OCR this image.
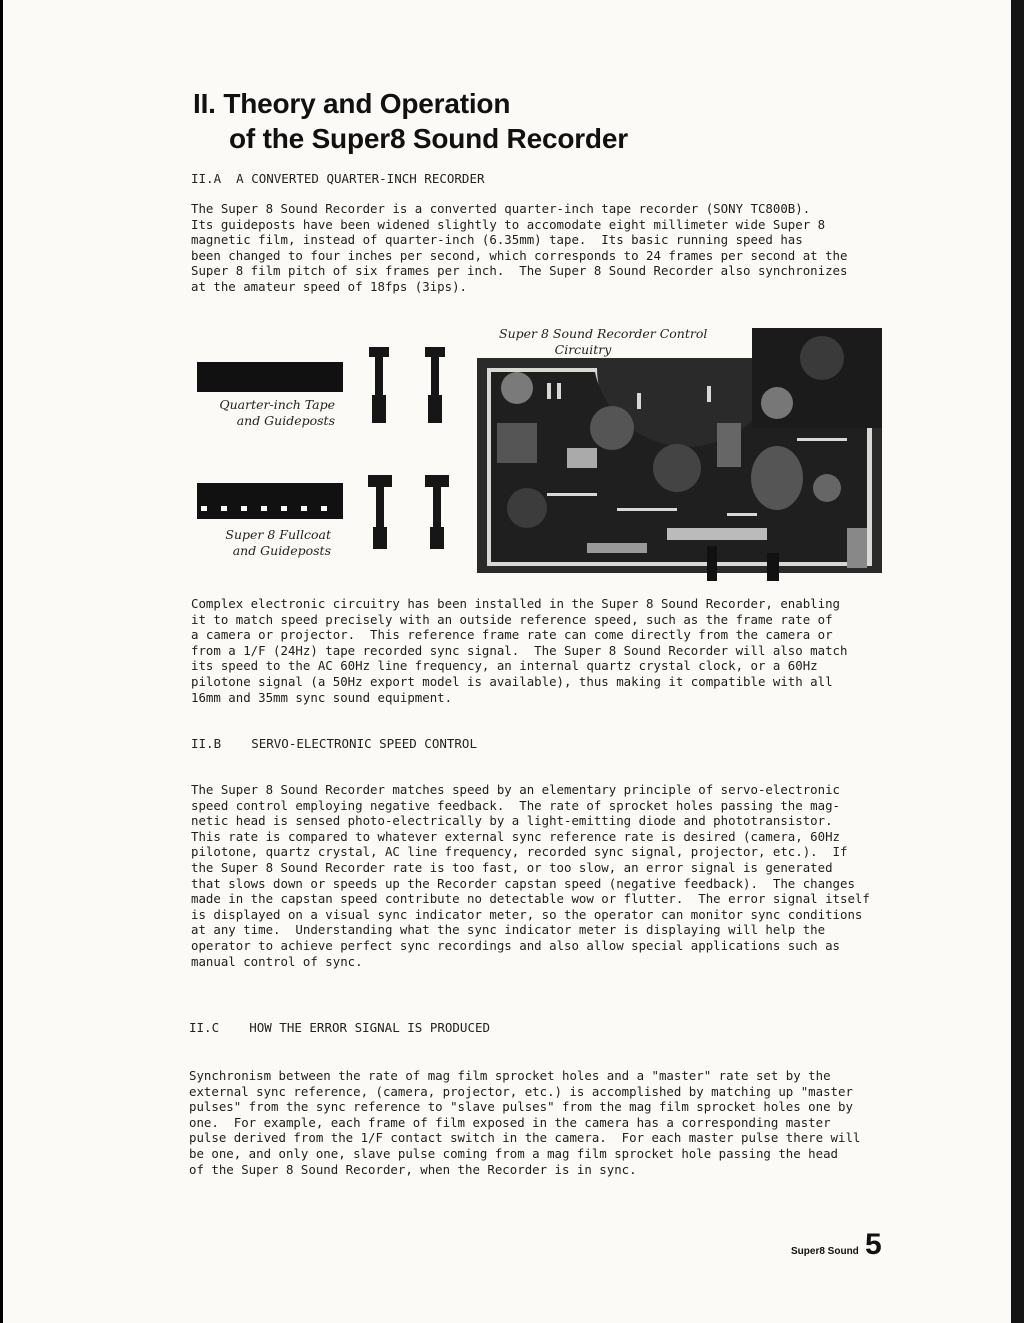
II. Theory and Operation
of the Super8 Sound Recorder
II.A  A CONVERTED QUARTER-INCH RECORDER
The Super 8 Sound Recorder is a converted quarter-inch tape recorder (SONY TC800B).
Its guideposts have been widened slightly to accomodate eight millimeter wide Super 8
magnetic film, instead of quarter-inch (6.35mm) tape.  Its basic running speed has
been changed to four inches per second, which corresponds to 24 frames per second at the
Super 8 film pitch of six frames per inch.  The Super 8 Sound Recorder also synchronizes
at the amateur speed of 18fps (3ips).
Quarter-inch Tape
and Guideposts
Super 8 Fullcoat
and Guideposts
Super 8 Sound Recorder Control
Circuitry
Complex electronic circuitry has been installed in the Super 8 Sound Recorder, enabling
it to match speed precisely with an outside reference speed, such as the frame rate of
a camera or projector.  This reference frame rate can come directly from the camera or
from a 1/F (24Hz) tape recorded sync signal.  The Super 8 Sound Recorder will also match
its speed to the AC 60Hz line frequency, an internal quartz crystal clock, or a 60Hz
pilotone signal (a 50Hz export model is available), thus making it compatible with all
16mm and 35mm sync sound equipment.
II.B    SERVO-ELECTRONIC SPEED CONTROL
The Super 8 Sound Recorder matches speed by an elementary principle of servo-electronic
speed control employing negative feedback.  The rate of sprocket holes passing the mag-
netic head is sensed photo-electrically by a light-emitting diode and phototransistor.
This rate is compared to whatever external sync reference rate is desired (camera, 60Hz
pilotone, quartz crystal, AC line frequency, recorded sync signal, projector, etc.).  If
the Super 8 Sound Recorder rate is too fast, or too slow, an error signal is generated
that slows down or speeds up the Recorder capstan speed (negative feedback).  The changes
made in the capstan speed contribute no detectable wow or flutter.  The error signal itself
is displayed on a visual sync indicator meter, so the operator can monitor sync conditions
at any time.  Understanding what the sync indicator meter is displaying will help the
operator to achieve perfect sync recordings and also allow special applications such as
manual control of sync.
II.C    HOW THE ERROR SIGNAL IS PRODUCED
Synchronism between the rate of mag film sprocket holes and a "master" rate set by the
external sync reference, (camera, projector, etc.) is accomplished by matching up "master
pulses" from the sync reference to "slave pulses" from the mag film sprocket holes one by
one.  For example, each frame of film exposed in the camera has a corresponding master
pulse derived from the 1/F contact switch in the camera.  For each master pulse there will
be one, and only one, slave pulse coming from a mag film sprocket hole passing the head
of the Super 8 Sound Recorder, when the Recorder is in sync.
Super8 Sound 5
